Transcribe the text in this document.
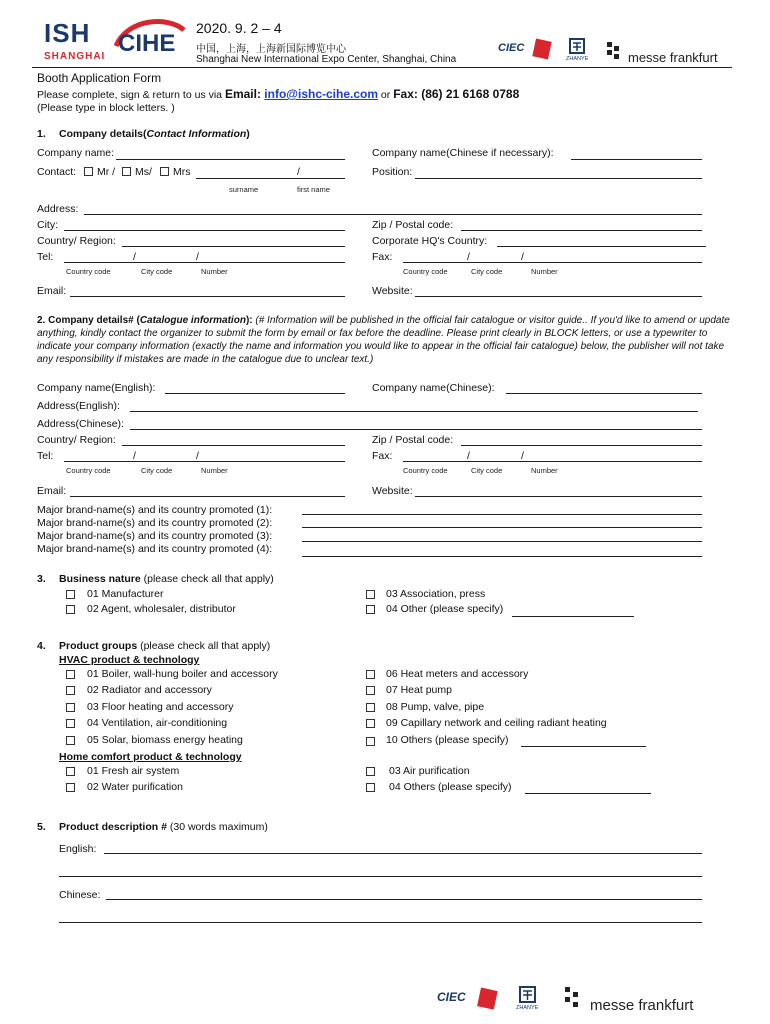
ISH
SHANGHAI CIHE
2020. 9. 2 – 4
中国，上海，上海新国际博览中心
Shanghai New International Expo Center, Shanghai, China
CIEC
ZHANYE	messe frankfurt
Booth Application Form
Please complete, sign & return to us via Email: info@ishc-cihe.com or Fax: (86) 21 6168 0788
(Please type in block letters. )
1. Company details(Contact Information)
Company name:	Company name(Chinese if necessary):
Contact: Mr / Ms/ Mrs	/
surname	first name
Position:
Address:
City:	Zip / Postal code:
Country/ Region:	Corporate HQ's Country:
Tel:	/	/	Fax:	/	/
Country code	City code	Number	Country code	City code	Number
Email:	Website:
2. Company details# (Catalogue information): (# Information will be published in the official fair catalogue or visitor guide.. If you'd like to amend or update anything, kindly contact the organizer to submit the form by email or fax before the deadline. Please print clearly in BLOCK letters, or use a typewriter to indicate your company information (exactly the name and information you would like to appear in the official fair catalogue) below, the publisher will not take any responsibility if mistakes are made in the catalogue due to unclear text.)
Company name(English):	Company name(Chinese):
Address(English):
Address(Chinese):
Country/ Region:	Zip / Postal code:
Tel:	/	/	Fax:	/	/
Country code	City code	Number	Country code	City code	Number
Email:	Website:
Major brand-name(s) and its country promoted (1):
Major brand-name(s) and its country promoted (2):
Major brand-name(s) and its country promoted (3):
Major brand-name(s) and its country promoted (4):
3. Business nature (please check all that apply)
01 Manufacturer
02 Agent, wholesaler, distributor
03 Association, press
04 Other (please specify)
4. Product groups (please check all that apply)
HVAC product & technology
01 Boiler, wall-hung boiler and accessory
02 Radiator and accessory
03 Floor heating and accessory
04 Ventilation, air-conditioning
05 Solar, biomass energy heating
06 Heat meters and accessory
07 Heat pump
08 Pump, valve, pipe
09 Capillary network and ceiling radiant heating
10 Others (please specify)
Home comfort product & technology
01 Fresh air system
02 Water purification
03 Air purification
04 Others (please specify)
5. Product description # (30 words maximum)
English:
Chinese:
CIEC
ZHANYE	messe frankfurt
